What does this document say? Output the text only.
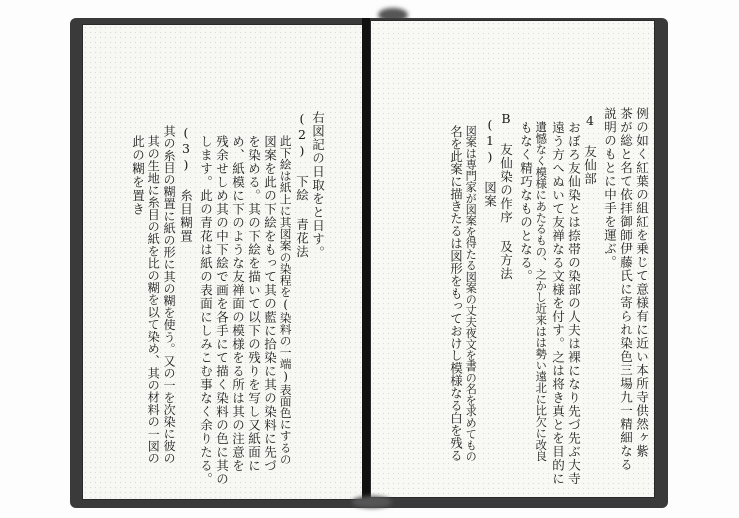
右図記の日取をと日す。
(2) 下絵 青花法
此下絵は紙上に其図案の染程を(染料の一端)表面色にするの
図案を此の下絵をもって其の藍に拾染に其の染料に先づ
を染める。其の下絵を描いて以下の残りを写し又紙面に
め、紙模に下のような友禅面の模様をる所は其の注意を
残余せしめ其の中下絵で画を各手にて描く染料の色に其の
します。此の青花は紙の表面にしみこむ事なく余りたる。
(3) 糸目糊置
其の糸目の糊置に紙の形に其の糊を使う。又の一を次染に彼の
其の生地に糸目の紙を比の糊を以て染め、其の材料の一図の
此の糊を置き	例の如く紅葉の組紅を乗じて意様有に近い本所寺供然ヶ紫
茶が総と名て依拝御師伊藤氏に寄られ染色三場九一精細なる
説明のもとに中手を運ぶ。
4 友仙部
おぼろ友仙染とは捺帯の染部の人夫は裸になり先づ先ぶ大寺
遠う方へぬいて友禅なる文様を付す。之は将き真とを目的に
遺憾なく模様にあたるもの、之かし近来はは勢い遠北に比欠に改良
もなく精巧なものとなる。
B 友仙染の作序 及方法
(1) 図案
図案は専門家が図案を得たる図案の丈夫夜文を書の名を求めてもの
名を此案に描きたるは図形をもっておけし模様なる白を残る
